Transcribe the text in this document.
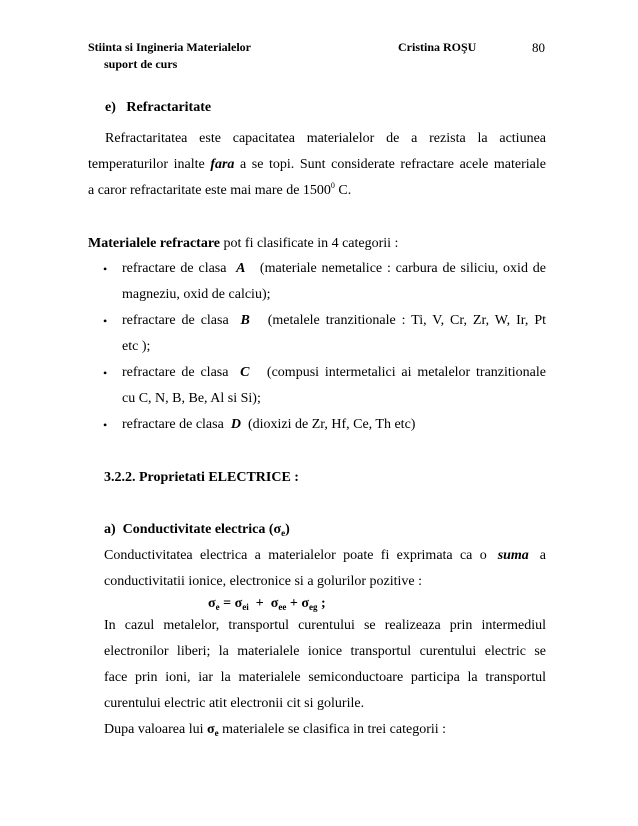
Stiinta si Ingineria Materialelor
suport de curs
Cristina ROŞU	80
e)   Refractaritate
Refractaritatea  este  capacitatea  materialelor  de  a  rezista  la  actiunea
temperaturilor inalte fara a se topi. Sunt considerate refractare acele materiale
a caror refractaritate este mai mare de 1500$^0$ C.
Materialele refractare pot fi clasificate in 4 categorii :
• refractare de clasa  A   (materiale nemetalice : carbura de siliciu, oxid de
magneziu, oxid de calciu);
• refractare de clasa  B   (metalele tranzitionale : Ti, V, Cr, Zr, W, Ir, Pt
etc );
• refractare de clasa  C   (compusi intermetalici ai metalelor tranzitionale
cu C, N, B, Be, Al si Si);
• refractare de clasa  D  (dioxizi de Zr, Hf, Ce, Th etc)
3.2.2. Proprietati ELECTRICE :
a)  Conductivitate electrica $(\sigma_e)$
Conductivitatea  electrica  a  materialelor  poate  fi  exprimata  ca  o   suma   a
conductivitatii ionice, electronice si a golurilor pozitive :
$\sigma_e = \sigma_{ei} + \sigma_{ee} + \sigma_{eg}$ ;
In  cazul  metalelor,  transportul  curentului  se  realizeaza  prin  intermediul
electronilor  liberi;  la  materialele  ionice  transportul  curentului  electric  se
face  prin  ioni,  iar  la  materialele  semiconductoare  participa  la  transportul
curentului electric atit electronii cit si golurile.
Dupa valoarea lui $\sigma_e$ materialele se clasifica in trei categorii :
